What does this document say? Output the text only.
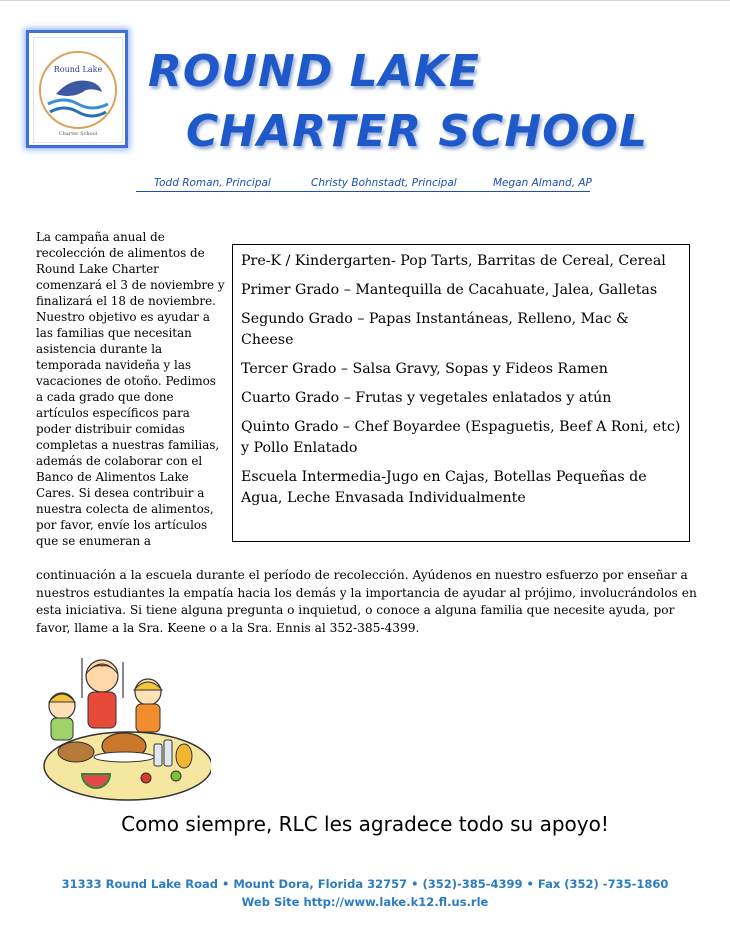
Round Lake
Charter School
ROUND LAKE
CHARTER SCHOOL
Todd Roman, Principal	Christy Bohnstadt, Principal	Megan Almand, AP

La campaña anual de recolección de alimentos de Round Lake Charter comenzará el 3 de noviembre y finalizará el 18 de noviembre. Nuestro objetivo es ayudar a las familias que necesitan asistencia durante la temporada navideña y las vacaciones de otoño. Pedimos a cada grado que done artículos específicos para poder distribuir comidas completas a nuestras familias, además de colaborar con el Banco de Alimentos Lake Cares. Si desea contribuir a nuestra colecta de alimentos, por favor, envíe los artículos que se enumeran a

Pre-K / Kindergarten- Pop Tarts, Barritas de Cereal, Cereal

Primer Grado – Mantequilla de Cacahuate, Jalea, Galletas

Segundo Grado – Papas Instantáneas, Relleno, Mac & Cheese

Tercer Grado – Salsa Gravy, Sopas y Fideos Ramen

Cuarto Grado – Frutas y vegetales enlatados y atún

Quinto Grado – Chef Boyardee (Espaguetis, Beef A Roni, etc) y Pollo Enlatado

Escuela Intermedia-Jugo en Cajas, Botellas Pequeñas de Agua, Leche Envasada Individualmente

continuación a la escuela durante el período de recolección. Ayúdenos en nuestro esfuerzo por enseñar a nuestros estudiantes la empatía hacia los demás y la importancia de ayudar al prójimo, involucrándolos en esta iniciativa. Si tiene alguna pregunta o inquietud, o conoce a alguna familia que necesite ayuda, por favor, llame a la Sra. Keene o a la Sra. Ennis al 352-385-4399.

Como siempre, RLC les agradece todo su apoyo!
31333 Round Lake Road • Mount Dora, Florida 32757 • (352)-385-4399 • Fax (352) -735-1860
Web Site http://www.lake.k12.fl.us.rle
